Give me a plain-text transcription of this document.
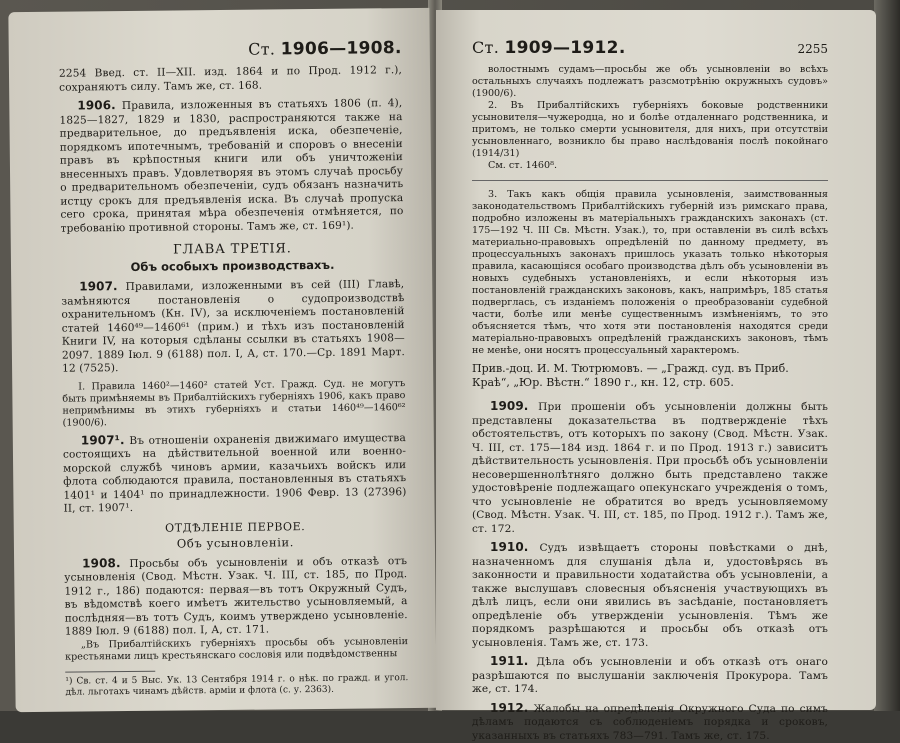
Ст. 1906—1908.

2254 Введ. ст. II—XII. изд. 1864 и по Прод. 1912 г.), сохраняютъ силу. Тамъ же, ст. 168.

1906. Правила, изложенныя въ статьяхъ 1806 (п. 4), 1825—1827, 1829 и 1830, распространяются также на предварительное, до предъявленія иска, обезпеченіе, порядкомъ ипотечнымъ, требованій и споровъ о внесеніи правъ въ крѣпостныя книги или объ уничтоженіи внесенныхъ правъ. Удовлетворяя въ этомъ случаѣ просьбу о предварительномъ обезпеченіи, судъ обязанъ назначить истцу срокъ для предъявленія иска. Въ случаѣ пропуска сего срока, принятая мѣра обезпеченія отмѣняется, по требованію противной стороны. Тамъ же, ст. 169¹).

ГЛАВА ТРЕТІЯ.
Объ особыхъ производствахъ.

1907. Правилами, изложенными въ сей (III) Главѣ, замѣняются постановленія о судопроизводствѣ охранительномъ (Кн. IV), за исключеніемъ постановленій статей 1460⁴⁹—1460⁶¹ (прим.) и тѣхъ изъ постановленій Книги IV, на которыя сдѣланы ссылки въ статьяхъ 1908—2097. 1889 Іюл. 9 (6188) пол. I, А, ст. 170.—Ср. 1891 Март. 12 (7525).

I. Правила 1460²—1460² статей Уст. Гражд. Суд. не могутъ быть примѣняемы въ Прибалтійскихъ губерніяхъ 1906, какъ право непримѣнимы въ этихъ губерніяхъ и статьи 1460⁴⁹—1460⁶² (1900/6).

1907¹. Въ отношеніи охраненія движимаго имущества состоящихъ на дѣйствительной военной или военно-морской службѣ чиновъ армии, казачьихъ войскъ или флота соблюдаются правила, постановленныя въ статьяхъ 1401¹ и 1404¹ по принадлежности. 1906 Февр. 13 (27396) II, ст. 1907¹.

ОТДѢЛЕНІЕ ПЕРВОЕ.
Объ усыновленіи.

1908. Просьбы объ усыновленіи и объ отказѣ отъ усыновленія (Свод. Мѣстн. Узак. Ч. III, ст. 185, по Прод. 1912 г., 186) подаются: первая—въ тотъ Окружный Судъ, въ вѣдомствѣ коего имѣетъ жительство усыновляемый, а послѣдняя—въ тотъ Судъ, коимъ утверждено усыновленіе. 1889 Іюл. 9 (6188) пол. I, А, ст. 171.

„Въ Прибалтійскихъ губерніяхъ просьбы объ усыновленіи крестьянами лицъ крестьянскаго сословія или подвѣдомственны

¹) Св. ст. 4 и 5 Выс. Ук. 13 Сентября 1914 г. о нѣк. по гражд. и угол. дѣл. льготахъ чинамъ дѣйств. арміи и флота (с. у. 2363).

Ст. 1909—1912.	2255

волостнымъ судамъ—просьбы же объ усыновленіи во всѣхъ остальныхъ случаяхъ подлежатъ разсмотрѣнію окружныхъ судовъ» (1900/6).

2. Въ Прибалтійскихъ губерніяхъ боковые родственники усыновителя—чужеродца, но и болѣе отдаленнаго родственника, и притомъ, не только смерти усыновителя, для нихъ, при отсутствіи усыновленнаго, возникло бы право наслѣдованія послѣ покойнаго (1914/31)

См. ст. 1460⁸.

3. Такъ какъ общія правила усыновленія, заимствованныя законодательствомъ Прибалтійскихъ губерній изъ римскаго права, подробно изложены въ матеріальныхъ гражданскихъ законахъ (ст. 175—192 Ч. III Св. Мѣстн. Узак.), то, при оставленіи въ силѣ всѣхъ материально-правовыхъ опредѣленій по данному предмету, въ процессуальныхъ законахъ пришлось указать только нѣкоторыя правила, касающіяся особаго производства дѣлъ объ усыновленіи въ новыхъ судебныхъ установленіяхъ, и если нѣкоторыя изъ постановленій гражданскихъ законовъ, какъ, напримѣръ, 185 статья подверглась, съ изданіемъ положенія о преобразованіи судебной части, болѣе или менѣе существеннымъ измѣненіямъ, то это объясняется тѣмъ, что хотя эти постановленія находятся среди матеріально-правовыхъ опредѣленій гражданскихъ законовъ, тѣмъ не менѣе, они носятъ процессуальный характеромъ.

Прив.-доц. И. М. Тютрюмовъ. — „Гражд. суд. въ Приб. Краѣ“, „Юр. Вѣстн.“ 1890 г., кн. 12, стр. 605.

1909. При прошеніи объ усыновленіи должны быть представлены доказательства въ подтвержденіе тѣхъ обстоятельствъ, отъ которыхъ по закону (Свод. Мѣстн. Узак. Ч. III, ст. 175—184 изд. 1864 г. и по Прод. 1913 г.) зависитъ дѣйствительность усыновленія. При просьбѣ объ усыновленіи несовершеннолѣтняго должно быть представлено также удостовѣреніе подлежащаго опекунскаго учрежденія о томъ, что усыновленіе не обратится во вредъ усыновляемому (Свод. Мѣстн. Узак. Ч. III, ст. 185, по Прод. 1912 г.). Тамъ же, ст. 172.

1910. Судъ извѣщаетъ стороны повѣстками о днѣ, назначенномъ для слушанія дѣла и, удостовѣрясь въ законности и правильности ходатайства объ усыновленіи, а также выслушавъ словесныя объясненія участвующихъ въ дѣлѣ лицъ, если они явились въ засѣданіе, постановляетъ опредѣленіе объ утвержденіи усыновленія. Тѣмъ же порядкомъ разрѣшаются и просьбы объ отказѣ отъ усыновленія. Тамъ же, ст. 173.

1911. Дѣла объ усыновленіи и объ отказѣ отъ онаго разрѣшаются по выслушаніи заключенія Прокурора. Тамъ же, ст. 174.

1912. Жалобы на опредѣленія Окружного Суда по симъ дѣламъ подаются съ соблюденіемъ порядка и сроковъ, указанныхъ въ статьяхъ 783—791. Тамъ же, ст. 175.
